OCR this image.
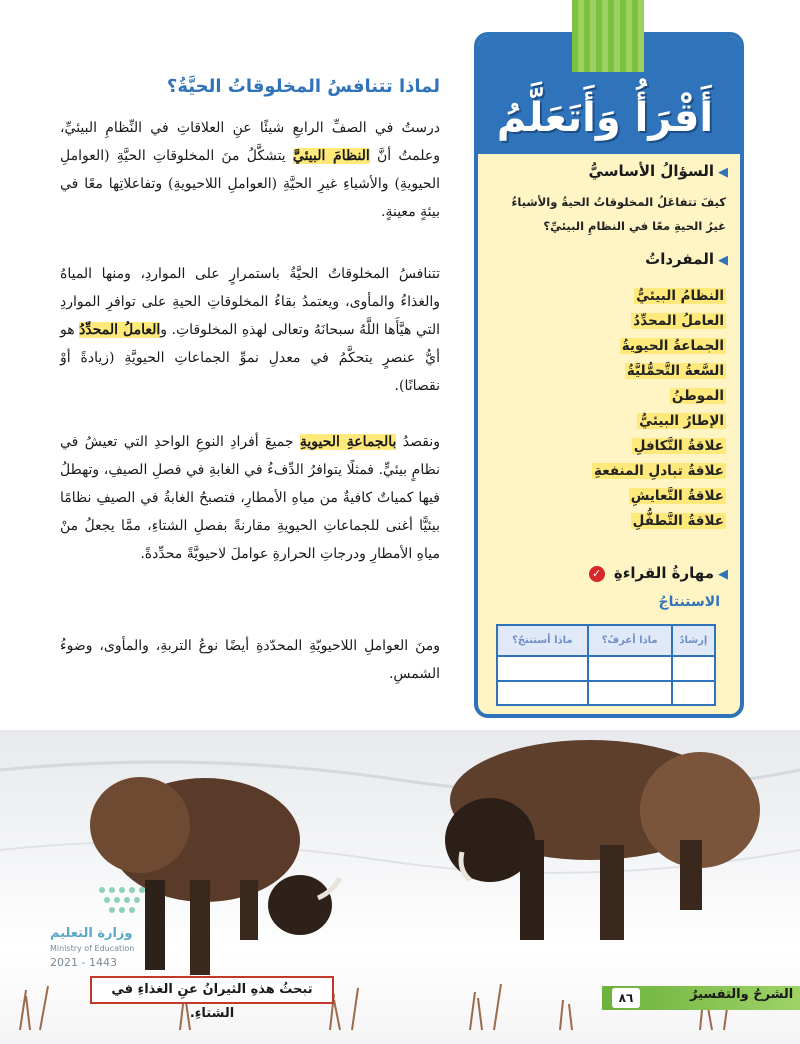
أَقْرَأُ وَأَتَعَلَّمُ
◀السؤالُ الأساسيُّ
كيفَ تتفاعَلُ المخلوقاتُ الحيةُ والأشياءُ غيرُ الحيةِ معًا في النظامِ البيئيِّ؟
◀المفرداتُ
النظامُ البيئيُّ
العاملُ المحدِّدُ
الجماعةُ الحيويةُ
السَّعةُ التَّحمُّليَّةُ
الموطنُ
الإطارُ البيئيُّ
علاقةُ التَّكافلِ
علاقةُ تبادلِ المنفعةِ
علاقةُ التَّعايشِ
علاقةُ التَّطفُّلِ
◀مهارةُ القراءةِ ✓
الاستنتاجُ
إرشادٌ	ماذا أعرفُ؟	ماذا أستنتجُ؟

لماذا تتنافسُ المخلوقاتُ الحيَّةُ؟
درستُ في الصفِّ الرابعِ شيئًا عنِ العلاقاتِ في النِّظامِ البيئيِّ، وعلمتُ أنَّ النظامَ البيئيَّ يتشكَّلُ منَ المخلوقاتِ الحيَّةِ (العواملِ الحيويةِ) والأشياءِ غيرِ الحيَّةِ (العواملِ اللاحيويةِ) وتفاعلاتِها معًا في بيئةٍ معينةٍ.
تتنافسُ المخلوقاتُ الحيَّةُ باستمرارٍ على المواردِ، ومنها المياهُ والغذاءُ والمأوى، ويعتمدُ بقاءُ المخلوقاتِ الحيةِ على توافرِ المواردِ التي هيَّأَها اللَّهُ سبحانَهُ وتعالى لهذهِ المخلوقاتِ. والعاملُ المحدِّدُ هو أيُّ عنصرٍ يتحكَّمُ في معدلِ نموِّ الجماعاتِ الحيويَّةِ (زيادةً أوْ نقصانًا).
ونقصدُ بالجماعةِ الحيويةِ جميعَ أفرادِ النوعِ الواحدِ التي تعيشُ في نظامٍ بيئيٍّ. فمثلًا يتوافرُ الدِّفءُ في الغابةِ في فصلِ الصيفِ، وتهطلُ فيها كمياتٌ كافيةٌ من مياهِ الأمطارِ، فتصبحُ الغابةُ في الصيفِ نظامًا بيئيًّا أغنى للجماعاتِ الحيويةِ مقارنةً بفصلِ الشتاءِ، ممَّا يجعلُ منْ مياهِ الأمطارِ ودرجاتِ الحرارةِ عواملَ لاحيويَّةً محدِّدةً.
ومنَ العواملِ اللاحيويّةِ المحدّدةِ أيضًا نوعُ التربةِ، والمأوى، وضوءُ الشمسِ.
وزارة التعليم
Ministry of Education
2021 - 1443
تبحثُ هذهِ الثيرانُ عنِ الغذاءِ في الشتاءِ.
الشرحُ والتفسيرُ
٨٦
